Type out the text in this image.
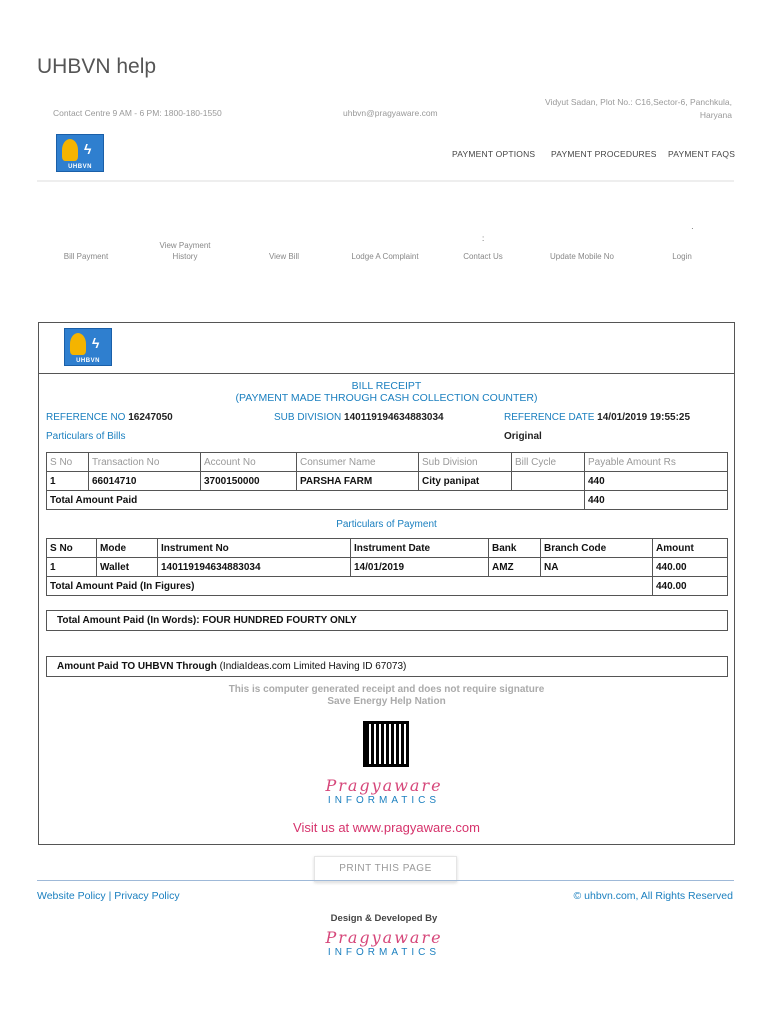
UHBVN help
Contact Centre 9 AM - 6 PM: 1800-180-1550	uhbvn@pragyaware.com
Vidyut Sadan, Plot No.: C16,Sector-6, Panchkula,
Haryana
ϟ
UHBVN
PAYMENT OPTIONS PAYMENT PROCEDURES PAYMENT FAQS
Bill Payment
View Payment
History	View Bill	Lodge A Complaint
:
Contact Us	Update Mobile No
·
Login
ϟ
UHBVN
BILL RECEIPT
(PAYMENT MADE THROUGH CASH COLLECTION COUNTER)
REFERENCE NO 16247050	SUB DIVISION 140119194634883034	REFERENCE DATE 14/01/2019 19:55:25
Particulars of Bills	Original
S No	Transaction No	Account No	Consumer Name	Sub Division	Bill Cycle	Payable Amount Rs
1	66014710	3700150000	PARSHA FARM	City panipat		440
Total Amount Paid						440
Particulars of Payment
S No	Mode	Instrument No	Instrument Date	Bank	Branch Code	Amount
1	Wallet	140119194634883034	14/01/2019	AMZ	NA	440.00
Total Amount Paid (In Figures)						440.00
Total Amount Paid (In Words): FOUR HUNDRED FOURTY ONLY
Amount Paid TO UHBVN Through (IndiaIdeas.com Limited Having ID 67073)
This is computer generated receipt and does not require signature
Save Energy Help Nation
Pragyaware
INFORMATICS
Visit us at www.pragyaware.com
PRINT THIS PAGE
Website Policy | Privacy Policy	© uhbvn.com, All Rights Reserved
Design & Developed By
Pragyaware
INFORMATICS
